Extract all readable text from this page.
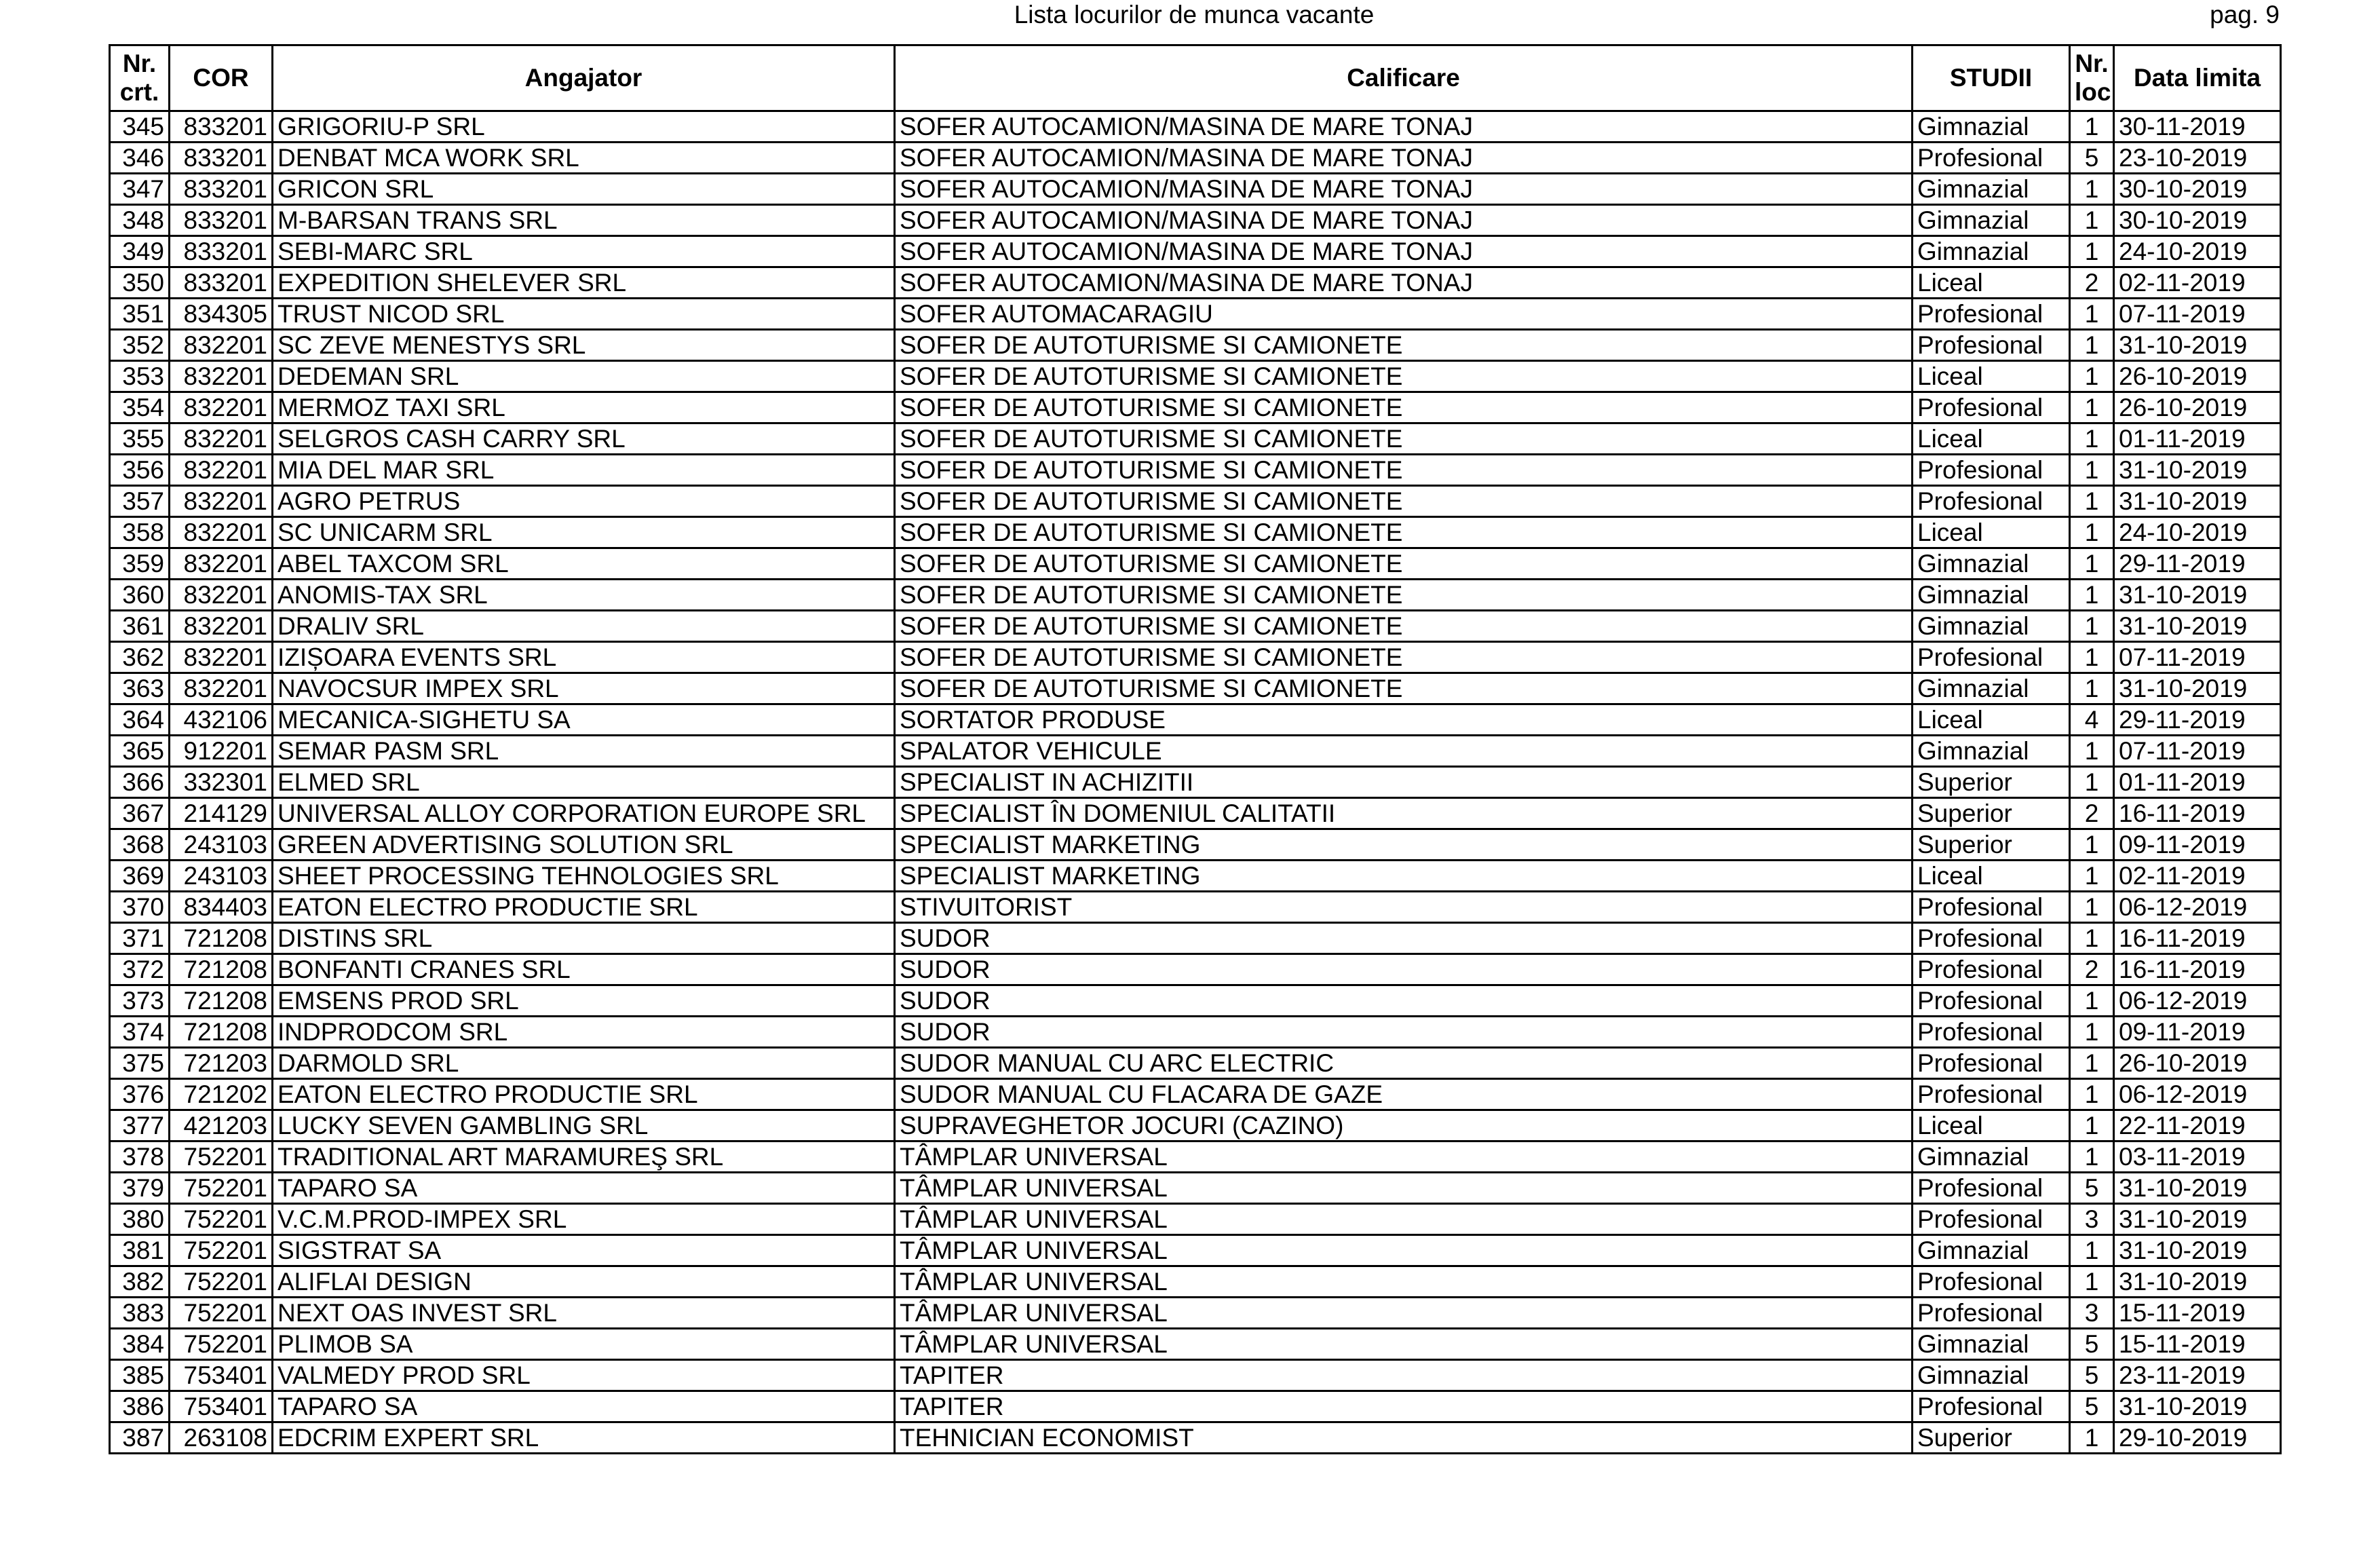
Lista locurilor de munca vacante	pag. 9
Nr. crt.	COR	Angajator	Calificare	STUDII	Nr. loc	Data limita
345	833201	GRIGORIU-P SRL	SOFER AUTOCAMION/MASINA DE MARE TONAJ	Gimnazial	1	30-11-2019
346	833201	DENBAT MCA WORK SRL	SOFER AUTOCAMION/MASINA DE MARE TONAJ	Profesional	5	23-10-2019
347	833201	GRICON SRL	SOFER AUTOCAMION/MASINA DE MARE TONAJ	Gimnazial	1	30-10-2019
348	833201	M-BARSAN TRANS SRL	SOFER AUTOCAMION/MASINA DE MARE TONAJ	Gimnazial	1	30-10-2019
349	833201	SEBI-MARC SRL	SOFER AUTOCAMION/MASINA DE MARE TONAJ	Gimnazial	1	24-10-2019
350	833201	EXPEDITION SHELEVER SRL	SOFER AUTOCAMION/MASINA DE MARE TONAJ	Liceal	2	02-11-2019
351	834305	TRUST NICOD SRL	SOFER AUTOMACARAGIU	Profesional	1	07-11-2019
352	832201	SC ZEVE MENESTYS SRL	SOFER DE AUTOTURISME SI CAMIONETE	Profesional	1	31-10-2019
353	832201	DEDEMAN SRL	SOFER DE AUTOTURISME SI CAMIONETE	Liceal	1	26-10-2019
354	832201	MERMOZ TAXI SRL	SOFER DE AUTOTURISME SI CAMIONETE	Profesional	1	26-10-2019
355	832201	SELGROS CASH CARRY SRL	SOFER DE AUTOTURISME SI CAMIONETE	Liceal	1	01-11-2019
356	832201	MIA DEL MAR SRL	SOFER DE AUTOTURISME SI CAMIONETE	Profesional	1	31-10-2019
357	832201	AGRO PETRUS	SOFER DE AUTOTURISME SI CAMIONETE	Profesional	1	31-10-2019
358	832201	SC UNICARM SRL	SOFER DE AUTOTURISME SI CAMIONETE	Liceal	1	24-10-2019
359	832201	ABEL TAXCOM SRL	SOFER DE AUTOTURISME SI CAMIONETE	Gimnazial	1	29-11-2019
360	832201	ANOMIS-TAX SRL	SOFER DE AUTOTURISME SI CAMIONETE	Gimnazial	1	31-10-2019
361	832201	DRALIV SRL	SOFER DE AUTOTURISME SI CAMIONETE	Gimnazial	1	31-10-2019
362	832201	IZIȘOARA EVENTS SRL	SOFER DE AUTOTURISME SI CAMIONETE	Profesional	1	07-11-2019
363	832201	NAVOCSUR IMPEX SRL	SOFER DE AUTOTURISME SI CAMIONETE	Gimnazial	1	31-10-2019
364	432106	MECANICA-SIGHETU SA	SORTATOR PRODUSE	Liceal	4	29-11-2019
365	912201	SEMAR PASM SRL	SPALATOR VEHICULE	Gimnazial	1	07-11-2019
366	332301	ELMED SRL	SPECIALIST IN ACHIZITII	Superior	1	01-11-2019
367	214129	UNIVERSAL ALLOY CORPORATION EUROPE SRL	SPECIALIST ÎN DOMENIUL CALITATII	Superior	2	16-11-2019
368	243103	GREEN ADVERTISING SOLUTION SRL	SPECIALIST MARKETING	Superior	1	09-11-2019
369	243103	SHEET PROCESSING TEHNOLOGIES SRL	SPECIALIST MARKETING	Liceal	1	02-11-2019
370	834403	EATON ELECTRO PRODUCTIE SRL	STIVUITORIST	Profesional	1	06-12-2019
371	721208	DISTINS SRL	SUDOR	Profesional	1	16-11-2019
372	721208	BONFANTI CRANES SRL	SUDOR	Profesional	2	16-11-2019
373	721208	EMSENS PROD SRL	SUDOR	Profesional	1	06-12-2019
374	721208	INDPRODCOM SRL	SUDOR	Profesional	1	09-11-2019
375	721203	DARMOLD SRL	SUDOR MANUAL CU ARC ELECTRIC	Profesional	1	26-10-2019
376	721202	EATON ELECTRO PRODUCTIE SRL	SUDOR MANUAL CU FLACARA DE GAZE	Profesional	1	06-12-2019
377	421203	LUCKY SEVEN GAMBLING SRL	SUPRAVEGHETOR JOCURI (CAZINO)	Liceal	1	22-11-2019
378	752201	TRADITIONAL ART MARAMUREŞ SRL	TÂMPLAR UNIVERSAL	Gimnazial	1	03-11-2019
379	752201	TAPARO SA	TÂMPLAR UNIVERSAL	Profesional	5	31-10-2019
380	752201	V.C.M.PROD-IMPEX SRL	TÂMPLAR UNIVERSAL	Profesional	3	31-10-2019
381	752201	SIGSTRAT SA	TÂMPLAR UNIVERSAL	Gimnazial	1	31-10-2019
382	752201	ALIFLAI DESIGN	TÂMPLAR UNIVERSAL	Profesional	1	31-10-2019
383	752201	NEXT OAS INVEST SRL	TÂMPLAR UNIVERSAL	Profesional	3	15-11-2019
384	752201	PLIMOB SA	TÂMPLAR UNIVERSAL	Gimnazial	5	15-11-2019
385	753401	VALMEDY PROD SRL	TAPITER	Gimnazial	5	23-11-2019
386	753401	TAPARO SA	TAPITER	Profesional	5	31-10-2019
387	263108	EDCRIM EXPERT SRL	TEHNICIAN ECONOMIST	Superior	1	29-10-2019
